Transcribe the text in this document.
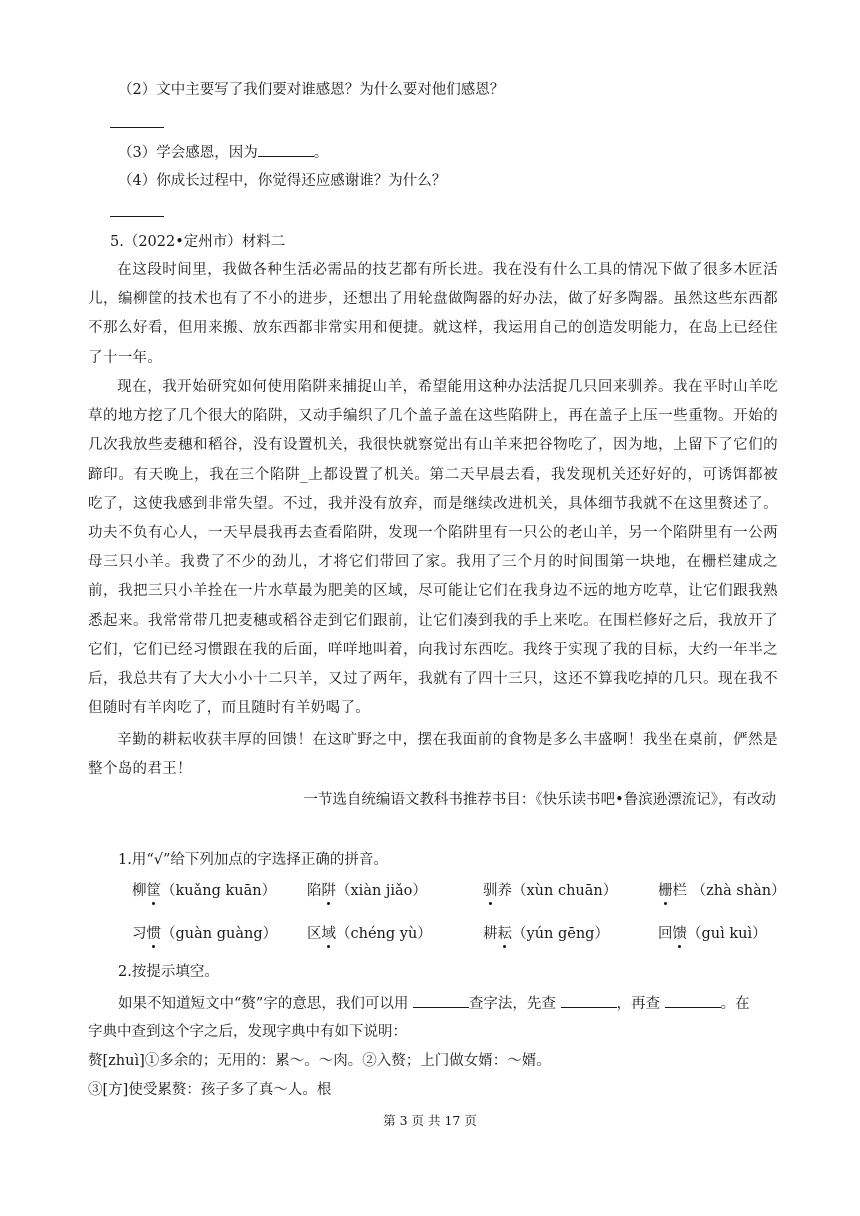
（2）文中主要写了我们要对谁感恩？为什么要对他们感恩？
（3）学会感恩，因为	。
（4）你成长过程中，你觉得还应感谢谁？为什么？
5.（2022•定州市）材料二
在这段时间里，我做各种生活必需品的技艺都有所长进。我在没有什么工具的情况下做了很多木匠活儿，编柳筐的技术也有了不小的进步，还想出了用轮盘做陶器的好办法，做了好多陶器。虽然这些东西都不那么好看，但用来搬、放东西都非常实用和便捷。就这样，我运用自己的创造发明能力，在岛上已经住了十一年。
现在，我开始研究如何使用陷阱来捕捉山羊，希望能用这种办法活捉几只回来驯养。我在平时山羊吃草的地方挖了几个很大的陷阱，又动手编织了几个盖子盖在这些陷阱上，再在盖子上压一些重物。开始的几次我放些麦穗和稻谷，没有设置机关，我很快就察觉出有山羊来把谷物吃了，因为地，上留下了它们的蹄印。有天晚上，我在三个陷阱_上都设置了机关。第二天早晨去看，我发现机关还好好的，可诱饵都被吃了，这使我感到非常失望。不过，我并没有放弃，而是继续改进机关，具体细节我就不在这里赘述了。功夫不负有心人，一天早晨我再去查看陷阱，发现一个陷阱里有一只公的老山羊，另一个陷阱里有一公两母三只小羊。我费了不少的劲儿，才将它们带回了家。我用了三个月的时间围第一块地，在栅栏建成之前，我把三只小羊拴在一片水草最为肥美的区域，尽可能让它们在我身边不远的地方吃草，让它们跟我熟悉起来。我常常带几把麦穗或稻谷走到它们跟前，让它们凑到我的手上来吃。在围栏修好之后，我放开了它们，它们已经习惯跟在我的后面，咩咩地叫着，向我讨东西吃。我终于实现了我的目标，大约一年半之后，我总共有了大大小小十二只羊，又过了两年，我就有了四十三只，这还不算我吃掉的几只。现在我不但随时有羊肉吃了，而且随时有羊奶喝了。
辛勤的耕耘收获丰厚的回馈！在这旷野之中，摆在我面前的食物是多么丰盛啊！我坐在桌前，俨然是整个岛的君王！
一节选自统编语文教科书推荐书目：《快乐读书吧•鲁滨逊漂流记》，有改动
1.用“√”给下列加点的字选择正确的拼音。
柳筐（kuǎng kuān） 陷阱（xiàn jiǎo）	驯养（xùn chuān）	栅栏 （zhà shàn）
习惯（guàn guàng） 区域（chéng yù）	耕耘（yún gēng）	回馈（guì kuì）
2.按提示填空。
如果不知道短文中“赘”字的意思，我们可以用	查字法，先查	，再查	。在
字典中查到这个字之后，发现字典中有如下说明：
赘[zhuì]①多余的；无用的：累～。～肉。②入赘；上门做女婿：～婿。
③[方]使受累赘：孩子多了真～人。根
第 3 页 共 17 页
